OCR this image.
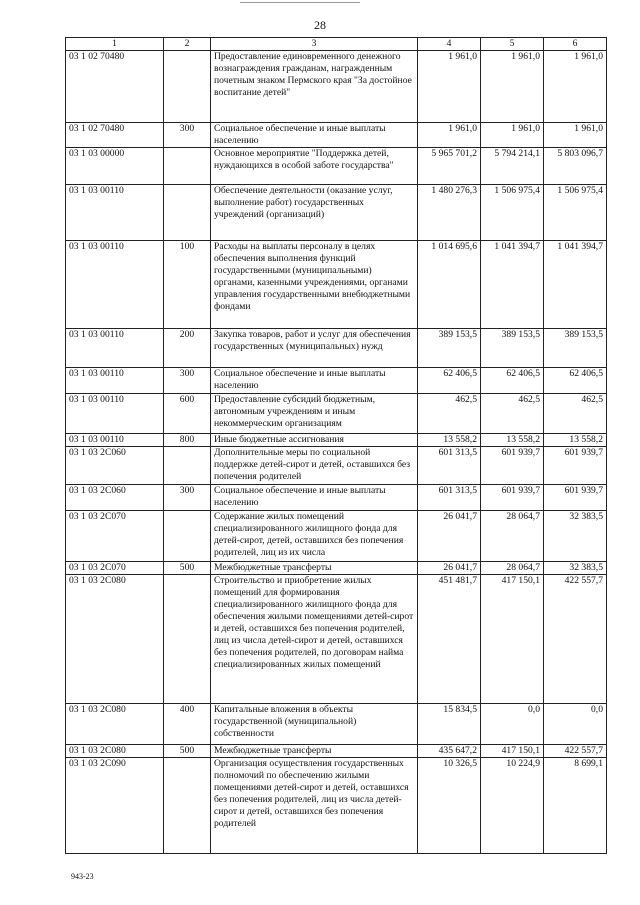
28
1	2	3	4	5	6
03 1 02 70480		Предоставление единовременного денежного вознаграждения гражданам, награжденным почетным знаком Пермского края "За достойное воспитание детей"	1 961,0	1 961,0	1 961,0
03 1 02 70480	300	Социальное обеспечение и иные выплаты населению	1 961,0	1 961,0	1 961,0
03 1 03 00000		Основное мероприятие "Поддержка детей, нуждающихся в особой заботе государства"	5 965 701,2	5 794 214,1	5 803 096,7
03 1 03 00110		Обеспечение деятельности (оказание услуг, выполнение работ) государственных учреждений (организаций)	1 480 276,3	1 506 975,4	1 506 975,4
03 1 03 00110	100	Расходы на выплаты персоналу в целях обеспечения выполнения функций государственными (муниципальными) органами, казенными учреждениями, органами управления государственными внебюджетными фондами	1 014 695,6	1 041 394,7	1 041 394,7
03 1 03 00110	200	Закупка товаров, работ и услуг для обеспечения государственных (муниципальных) нужд	389 153,5	389 153,5	389 153,5
03 1 03 00110	300	Социальное обеспечение и иные выплаты населению	62 406,5	62 406,5	62 406,5
03 1 03 00110	600	Предоставление субсидий бюджетным, автономным учреждениям и иным некоммерческим организациям	462,5	462,5	462,5
03 1 03 00110	800	Иные бюджетные ассигнования	13 558,2	13 558,2	13 558,2
03 1 03 2С060		Дополнительные меры по социальной поддержке детей-сирот и детей, оставшихся без попечения родителей	601 313,5	601 939,7	601 939,7
03 1 03 2С060	300	Социальное обеспечение и иные выплаты населению	601 313,5	601 939,7	601 939,7
03 1 03 2С070		Содержание жилых помещений специализированного жилищного фонда для детей-сирот, детей, оставшихся без попечения родителей, лиц из их числа	26 041,7	28 064,7	32 383,5
03 1 03 2С070	500	Межбюджетные трансферты	26 041,7	28 064,7	32 383,5
03 1 03 2С080		Строительство и приобретение жилых помещений для формирования специализированного жилищного фонда для обеспечения жилыми помещениями детей-сирот и детей, оставшихся без попечения родителей, лиц из числа детей-сирот и детей, оставшихся без попечения родителей, по договорам найма специализированных жилых помещений	451 481,7	417 150,1	422 557,7
03 1 03 2С080	400	Капитальные вложения в объекты государственной (муниципальной) собственности	15 834,5	0,0	0,0
03 1 03 2С080	500	Межбюджетные трансферты	435 647,2	417 150,1	422 557,7
03 1 03 2С090		Организация осуществления государственных полномочий по обеспечению жилыми помещениями детей-сирот и детей, оставшихся без попечения родителей, лиц из числа детей-сирот и детей, оставшихся без попечения родителей	10 326,5	10 224,9	8 699,1
943-23
